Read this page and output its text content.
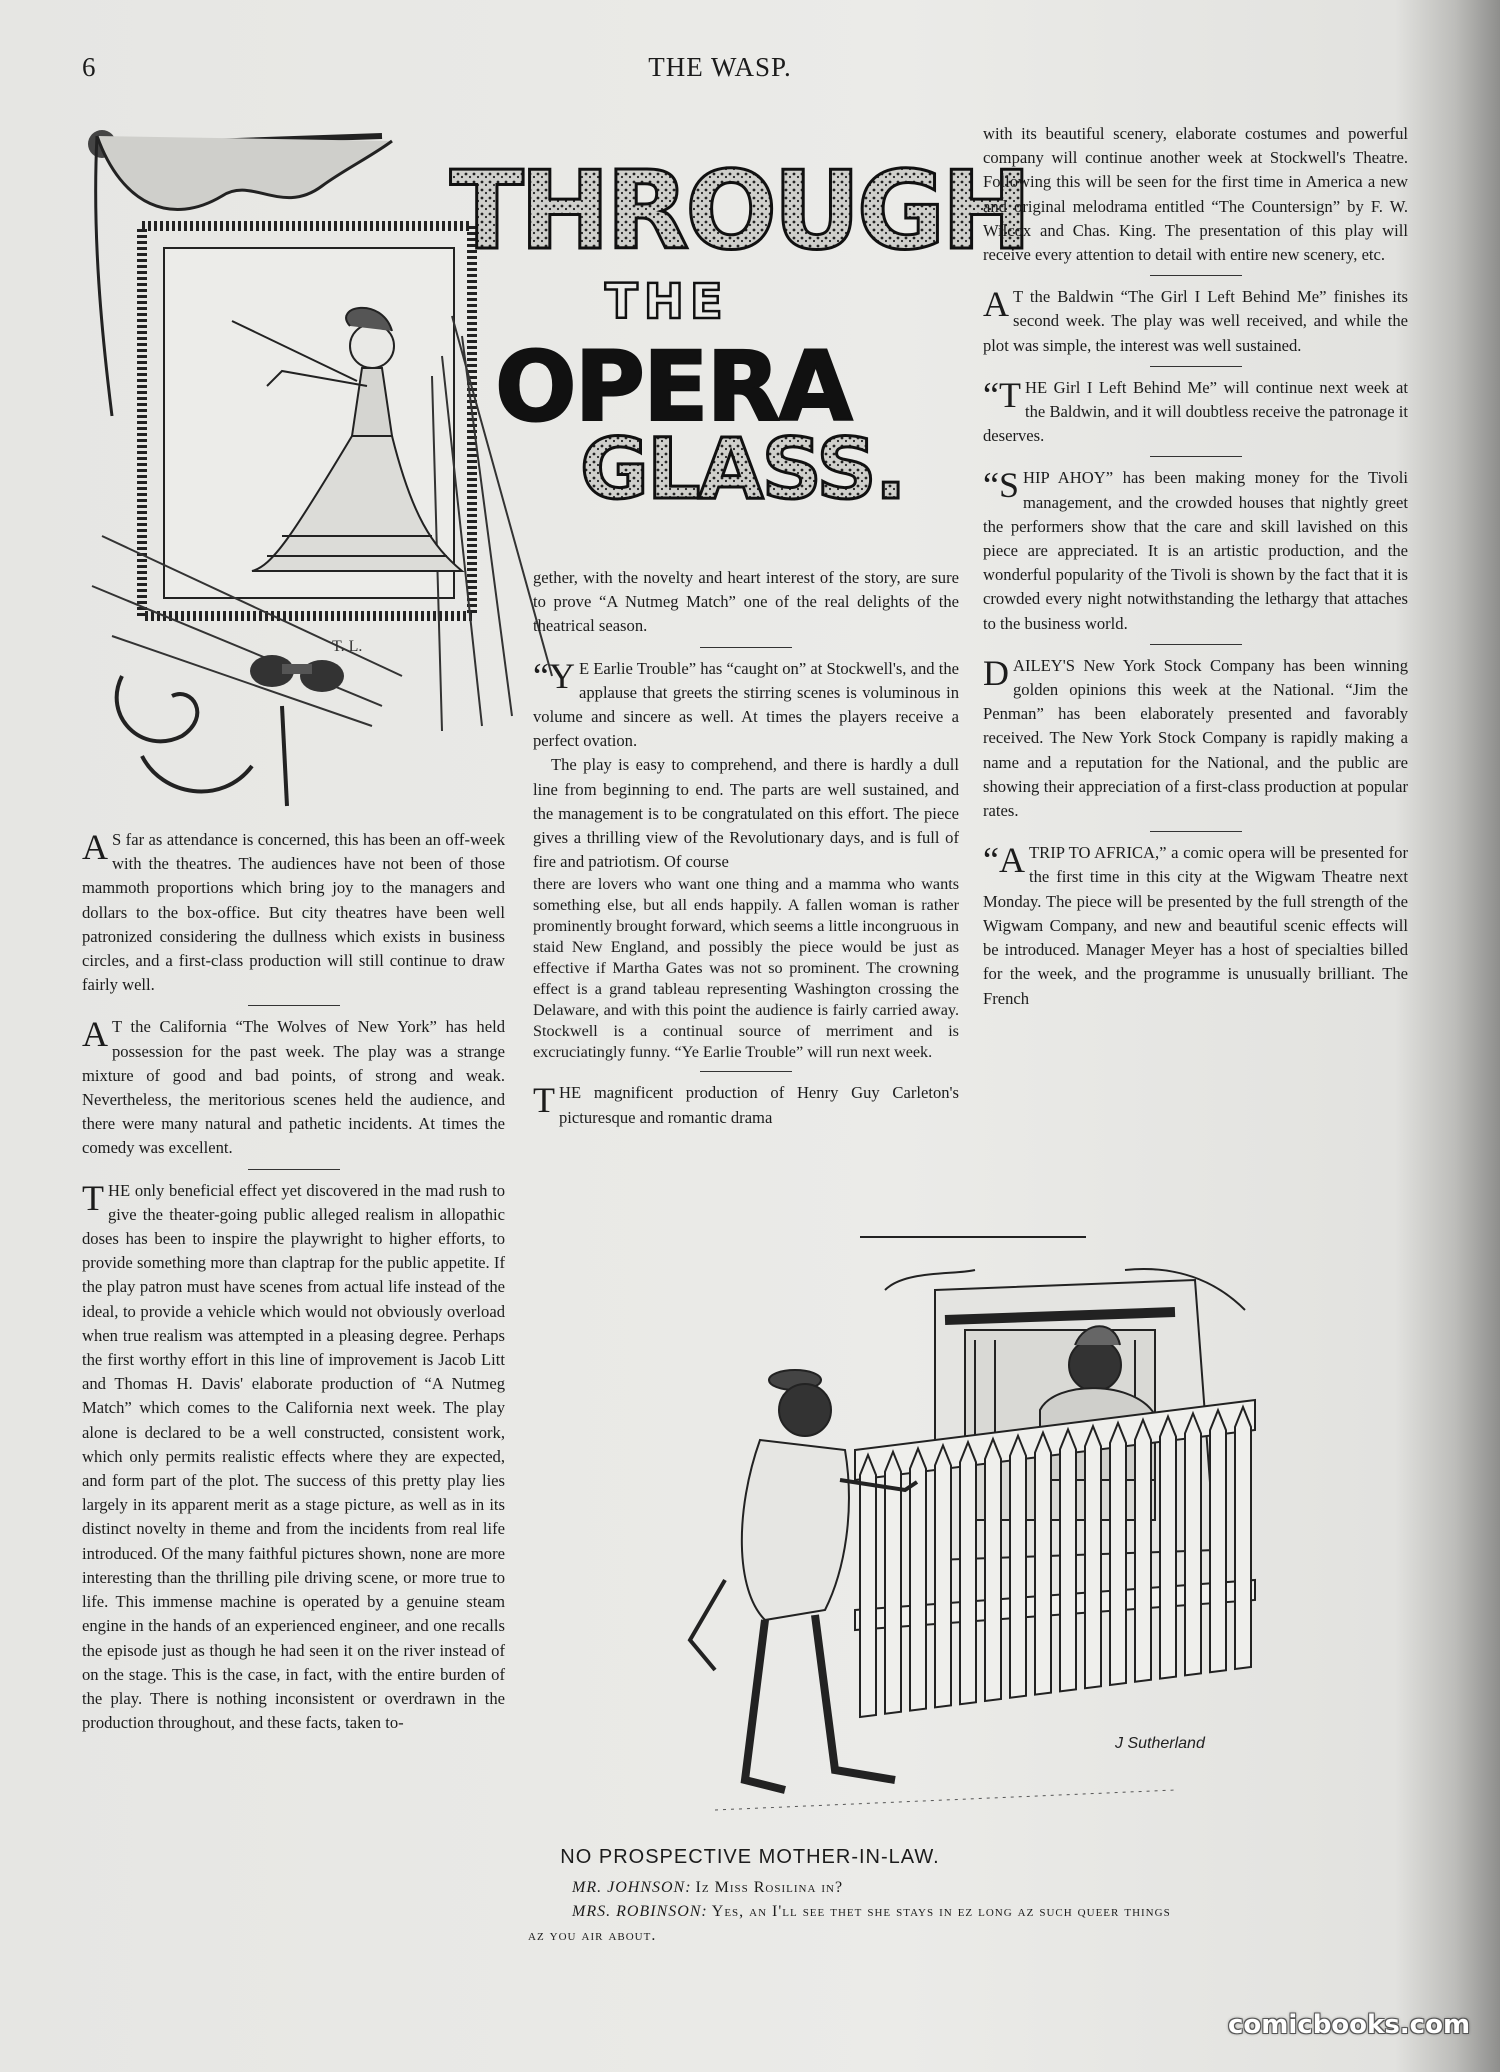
6	THE WASP.
T. L.
THROUGH
THE
OPERA
GLASS.

A S far as attendance is concerned, this has been an off-week with the theatres. The audiences have not been of those mammoth proportions which bring joy to the managers and dollars to the box-office. But city theatres have been well patronized considering the dullness which exists in business circles, and a first-class production will still continue to draw fairly well.

A T the California “The Wolves of New York” has held possession for the past week. The play was a strange mixture of good and bad points, of strong and weak. Nevertheless, the meritorious scenes held the audience, and there were many natural and pathetic incidents. At times the comedy was excellent.

THE only beneficial effect yet discovered in the mad rush to give the theater-going public alleged realism in allopathic doses has been to inspire the playwright to higher efforts, to provide something more than claptrap for the public appetite. If the play patron must have scenes from actual life instead of the ideal, to provide a vehicle which would not obviously overload when true realism was attempted in a pleasing degree. Perhaps the first worthy effort in this line of improvement is Jacob Litt and Thomas H. Davis' elaborate production of “A Nutmeg Match” which comes to the California next week. The play alone is declared to be a well constructed, consistent work, which only permits realistic effects where they are expected, and form part of the plot. The success of this pretty play lies largely in its apparent merit as a stage picture, as well as in its distinct novelty in theme and from the incidents from real life introduced. Of the many faithful pictures shown, none are more interesting than the thrilling pile driving scene, or more true to life. This immense machine is operated by a genuine steam engine in the hands of an experienced engineer, and one recalls the episode just as though he had seen it on the river instead of on the stage. This is the case, in fact, with the entire burden of the play. There is nothing inconsistent or overdrawn in the production throughout, and these facts, taken to-

gether, with the novelty and heart interest of the story, are sure to prove “A Nutmeg Match” one of the real delights of the theatrical season.

“Y E Earlie Trouble” has “caught on” at Stockwell's, and the applause that greets the stirring scenes is voluminous in volume and sincere as well. At times the players receive a perfect ovation.

The play is easy to comprehend, and there is hardly a dull line from beginning to end. The parts are well sustained, and the management is to be congratulated on this effort. The piece gives a thrilling view of the Revolutionary days, and is full of fire and patriotism. Of course

there are lovers who want one thing and a mamma who wants something else, but all ends happily. A fallen woman is rather prominently brought forward, which seems a little incongruous in staid New England, and possibly the piece would be just as effective if Martha Gates was not so prominent. The crowning effect is a grand tableau representing Washington crossing the Delaware, and with this point the audience is fairly carried away. Stockwell is a continual source of merriment and is excruciatingly funny. “Ye Earlie Trouble” will run next week.

THE magnificent production of Henry Guy Carleton's picturesque and romantic drama

with its beautiful scenery, elaborate costumes and powerful company will continue another week at Stockwell's Theatre. Following this will be seen for the first time in America a new and original melodrama entitled “The Countersign” by F. W. Wilcox and Chas. King. The presentation of this play will receive every attention to detail with entire new scenery, etc.

A T the Baldwin “The Girl I Left Behind Me” finishes its second week. The play was well received, and while the plot was simple, the interest was well sustained.

“THE Girl I Left Behind Me” will continue next week at the Baldwin, and it will doubtless receive the patronage it deserves.

“SHIP AHOY” has been making money for the Tivoli management, and the crowded houses that nightly greet the performers show that the care and skill lavished on this piece are appreciated. It is an artistic production, and the wonderful popularity of the Tivoli is shown by the fact that it is crowded every night notwithstanding the lethargy that attaches to the business world.

DAILEY'S New York Stock Company has been winning golden opinions this week at the National. “Jim the Penman” has been elaborately presented and favorably received. The New York Stock Company is rapidly making a name and a reputation for the National, and the public are showing their appreciation of a first-class production at popular rates.

“A TRIP TO AFRICA,” a comic opera will be presented for the first time in this city at the Wigwam Theatre next Monday. The piece will be presented by the full strength of the Wigwam Company, and new and beautiful scenic effects will be introduced. Manager Meyer has a host of specialties billed for the week, and the programme is unusually brilliant. The French

J Sutherland
NO PROSPECTIVE MOTHER-IN-LAW.
MR. JOHNSON: Iz Miss Rosilina in?
MRS. ROBINSON: Yes, an I'll see thet she stays in ez long az such queer things
az you air about.
comicbooks.com
